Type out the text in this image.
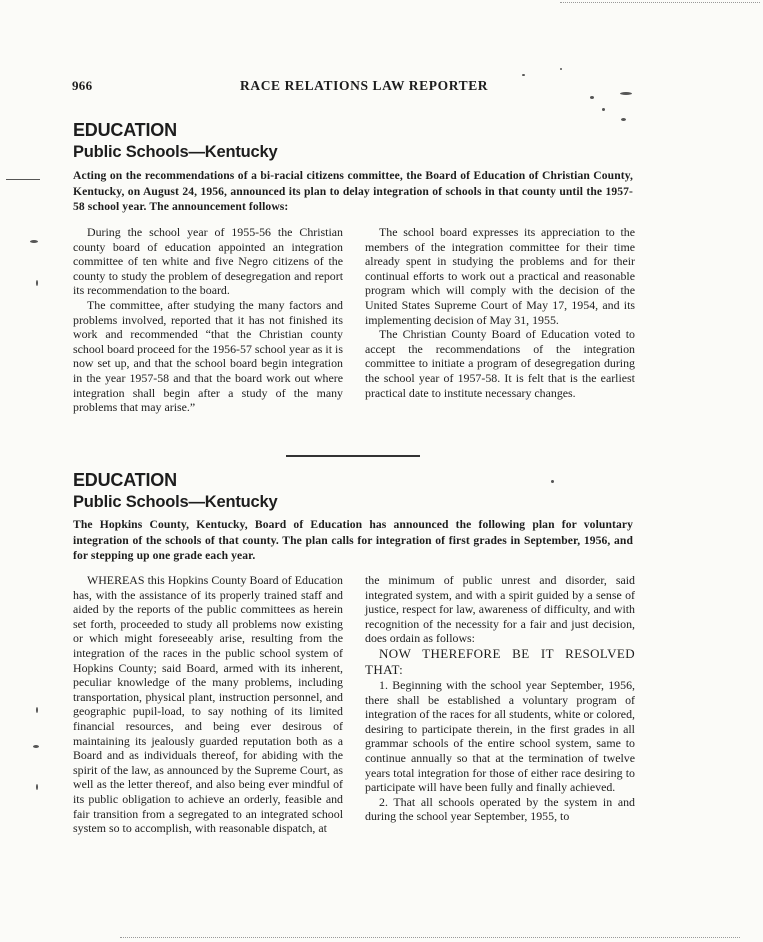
966	RACE RELATIONS LAW REPORTER
EDUCATION
Public Schools—Kentucky
Acting on the recommendations of a bi-racial citizens committee, the Board of Education of Christian County, Kentucky, on August 24, 1956, announced its plan to delay integration of schools in that county until the 1957-58 school year. The announcement follows:

During the school year of 1955-56 the Christian county board of education appointed an integration committee of ten white and five Negro citizens of the county to study the problem of desegregation and report its recommendation to the board.

The committee, after studying the many factors and problems involved, reported that it has not finished its work and recommended “that the Christian county school board proceed for the 1956-57 school year as it is now set up, and that the school board begin integration in the year 1957-58 and that the board work out where integration shall begin after a study of the many problems that may arise.”

The school board expresses its appreciation to the members of the integration committee for their time already spent in studying the problems and for their continual efforts to work out a practical and reasonable program which will comply with the decision of the United States Supreme Court of May 17, 1954, and its implementing decision of May 31, 1955.

The Christian County Board of Education voted to accept the recommendations of the integration committee to initiate a program of desegregation during the school year of 1957-58. It is felt that is the earliest practical date to institute necessary changes.

EDUCATION
Public Schools—Kentucky
The Hopkins County, Kentucky, Board of Education has announced the following plan for voluntary integration of the schools of that county. The plan calls for integration of first grades in September, 1956, and for stepping up one grade each year.

WHEREAS this Hopkins County Board of Education has, with the assistance of its properly trained staff and aided by the reports of the public committees as herein set forth, proceeded to study all problems now existing or which might foreseeably arise, resulting from the integration of the races in the public school system of Hopkins County; said Board, armed with its inherent, peculiar knowledge of the many problems, including transportation, physical plant, instruction personnel, and geographic pupil-load, to say nothing of its limited financial resources, and being ever desirous of maintaining its jealously guarded reputation both as a Board and as individuals thereof, for abiding with the spirit of the law, as announced by the Supreme Court, as well as the letter thereof, and also being ever mindful of its public obligation to achieve an orderly, feasible and fair transition from a segregated to an integrated school system so to accomplish, with reasonable dispatch, at

the minimum of public unrest and disorder, said integrated system, and with a spirit guided by a sense of justice, respect for law, awareness of difficulty, and with recognition of the necessity for a fair and just decision, does ordain as follows:

NOW THEREFORE BE IT RESOLVED THAT:

1. Beginning with the school year September, 1956, there shall be established a voluntary program of integration of the races for all students, white or colored, desiring to participate therein, in the first grades in all grammar schools of the entire school system, same to continue annually so that at the termination of twelve years total integration for those of either race desiring to participate will have been fully and finally achieved.

2. That all schools operated by the system in and during the school year September, 1955, to
